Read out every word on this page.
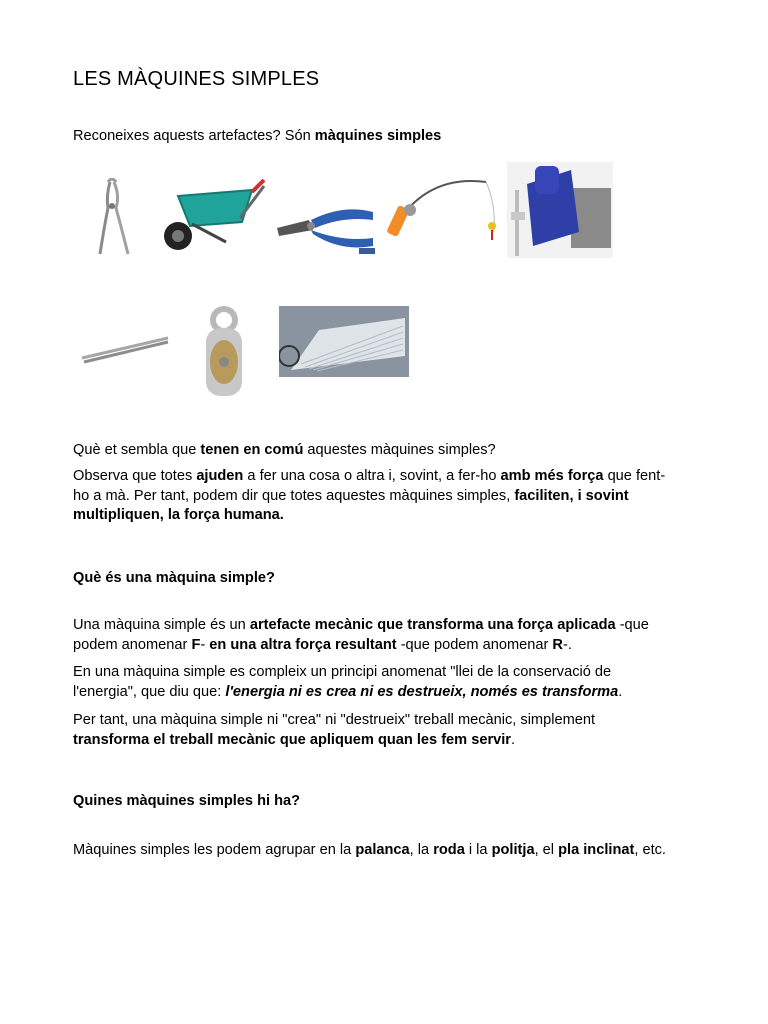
LES MÀQUINES SIMPLES
Reconeixes aquests artefactes? Són màquines simples
Què et sembla que tenen en comú aquestes màquines simples?
Observa que totes ajuden a fer una cosa o altra i, sovint, a fer-ho amb més força que fent-ho a mà. Per tant, podem dir que totes aquestes màquines simples, faciliten, i sovint multipliquen, la força humana.
Què és una màquina simple?
Una màquina simple és un artefacte mecànic que transforma una força aplicada -que podem anomenar F- en una altra força resultant -que podem anomenar R-.
En una màquina simple es compleix un principi anomenat "llei de la conservació de l'energia", que diu que: l'energia ni es crea ni es destrueix, només es transforma.
Per tant, una màquina simple ni "crea" ni "destrueix" treball mecànic, simplement transforma el treball mecànic que apliquem quan les fem servir.
Quines màquines simples hi ha?
Màquines simples les podem agrupar en la palanca, la roda i la politja, el pla inclinat, etc.
